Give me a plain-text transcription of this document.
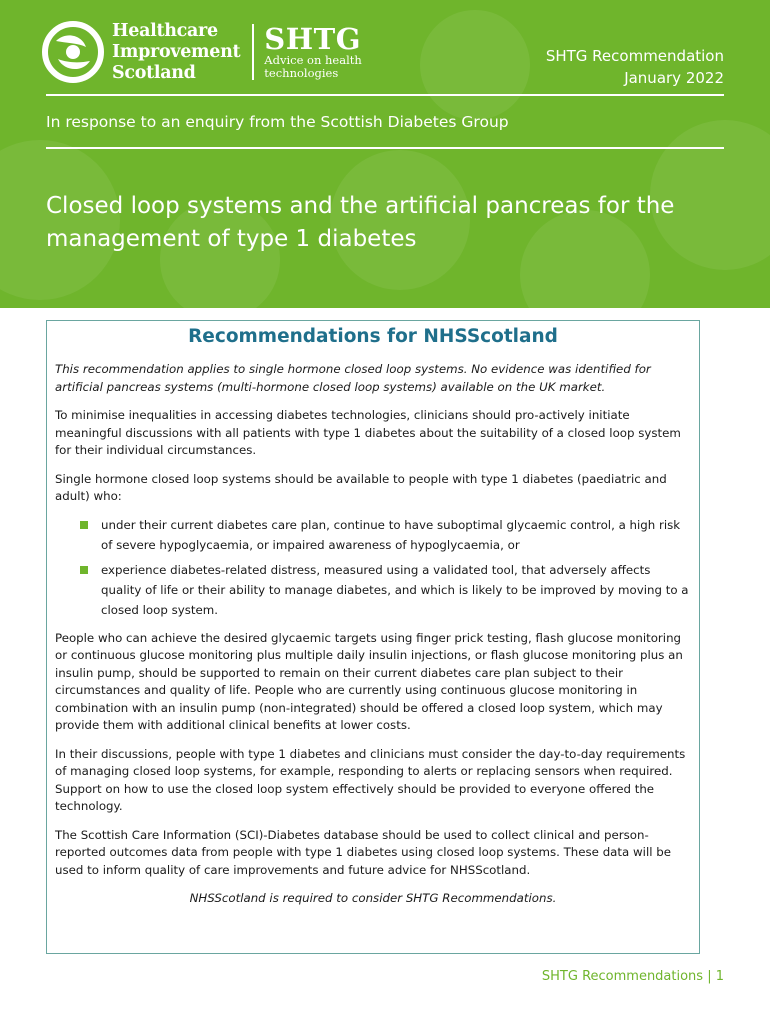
Healthcare
Improvement
Scotland
SHTG
Advice on health
technologies
SHTG Recommendation
January 2022
In response to an enquiry from the Scottish Diabetes Group
Closed loop systems and the artificial pancreas for the management of type 1 diabetes
Recommendations for NHSScotland

This recommendation applies to single hormone closed loop systems. No evidence was identified for artificial pancreas systems (multi-hormone closed loop systems) available on the UK market.

To minimise inequalities in accessing diabetes technologies, clinicians should pro-actively initiate meaningful discussions with all patients with type 1 diabetes about the suitability of a closed loop system for their individual circumstances.

Single hormone closed loop systems should be available to people with type 1 diabetes (paediatric and adult) who:

under their current diabetes care plan, continue to have suboptimal glycaemic control, a high risk of severe hypoglycaemia, or impaired awareness of hypoglycaemia, or
experience diabetes-related distress, measured using a validated tool, that adversely affects quality of life or their ability to manage diabetes, and which is likely to be improved by moving to a closed loop system.

People who can achieve the desired glycaemic targets using finger prick testing, flash glucose monitoring or continuous glucose monitoring plus multiple daily insulin injections, or flash glucose monitoring plus an insulin pump, should be supported to remain on their current diabetes care plan subject to their circumstances and quality of life. People who are currently using continuous glucose monitoring in combination with an insulin pump (non-integrated) should be offered a closed loop system, which may provide them with additional clinical benefits at lower costs.

In their discussions, people with type 1 diabetes and clinicians must consider the day-to-day requirements of managing closed loop systems, for example, responding to alerts or replacing sensors when required. Support on how to use the closed loop system effectively should be provided to everyone offered the technology.

The Scottish Care Information (SCI)-Diabetes database should be used to collect clinical and person-reported outcomes data from people with type 1 diabetes using closed loop systems. These data will be used to inform quality of care improvements and future advice for NHSScotland.

NHSScotland is required to consider SHTG Recommendations.

SHTG Recommendations | 1
